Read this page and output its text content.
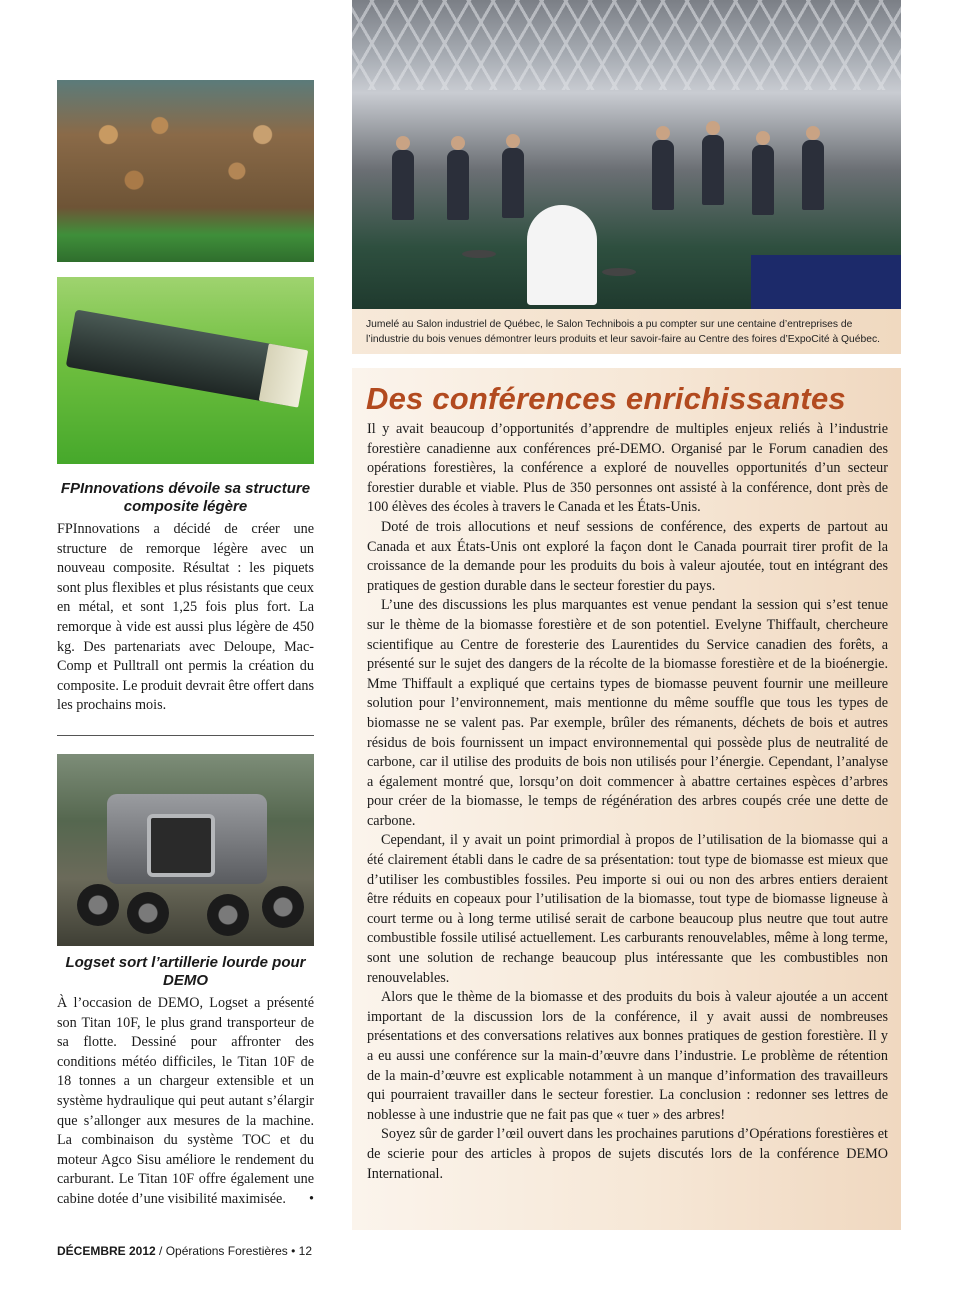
Jumelé au Salon industriel de Québec, le Salon Technibois a pu compter sur une centaine d’entreprises de l’industrie du bois venues démontrer leurs produits et leur savoir-faire au Centre des foires d’ExpoCité à Québec.
Des conférences enrichissantes

Il y avait beaucoup d’opportunités d’apprendre de multiples enjeux reliés à l’industrie forestière canadienne aux conférences pré-DEMO. Organisé par le Forum canadien des opérations forestières, la conférence a exploré de nouvelles opportunités d’un secteur forestier durable et viable. Plus de 350 personnes ont assisté à la conférence, dont près de 100 élèves des écoles à travers le Canada et les États-Unis.

Doté de trois allocutions et neuf sessions de conférence, des experts de partout au Canada et aux États-Unis ont exploré la façon dont le Canada pourrait tirer profit de la croissance de la demande pour les produits du bois à valeur ajoutée, tout en intégrant des pratiques de gestion durable dans le secteur forestier du pays.

L’une des discussions les plus marquantes est venue pendant la session qui s’est tenue sur le thème de la biomasse forestière et de son potentiel. Evelyne Thiffault, chercheure scientifique au Centre de foresterie des Laurentides du Service canadien des forêts, a présenté sur le sujet des dangers de la récolte de la biomasse forestière et de la bioénergie. Mme Thiffault a expliqué que certains types de biomasse peuvent fournir une meilleure solution pour l’environnement, mais mentionne du même souffle que tous les types de biomasse ne se valent pas. Par exemple, brûler des rémanents, déchets de bois et autres résidus de bois fournissent un impact environnemental qui possède plus de neutralité de carbone, car il utilise des produits de bois non utilisés pour l’énergie. Cependant, l’analyse a également montré que, lorsqu’on doit commencer à abattre certaines espèces d’arbres pour créer de la biomasse, le temps de régénération des arbres coupés crée une dette de carbone.

Cependant, il y avait un point primordial à propos de l’utilisation de la biomasse qui a été clairement établi dans le cadre de sa présentation: tout type de biomasse est mieux que d’utiliser les combustibles fossiles. Peu importe si oui ou non des arbres entiers deraient être réduits en copeaux pour l’utilisation de la biomasse, tout type de biomasse ligneuse à court terme ou à long terme utilisé serait de carbone beaucoup plus neutre que tout autre combustible fossile utilisé actuellement. Les carburants renouvelables, même à long terme, sont une solution de rechange beaucoup plus intéressante que les combustibles non renouvelables.

Alors que le thème de la biomasse et des produits du bois à valeur ajoutée a un accent important de la discussion lors de la conférence, il y avait aussi de nombreuses présentations et des conversations relatives aux bonnes pratiques de gestion forestière. Il y a eu aussi une conférence sur la main-d’œuvre dans l’industrie. Le problème de rétention de la main-d’œuvre est explicable notamment à un manque d’information des travailleurs qui pourraient travailler dans le secteur forestier. La conclusion : redonner ses lettres de noblesse à une industrie que ne fait pas que « tuer » des arbres!

Soyez sûr de garder l’œil ouvert dans les prochaines parutions d’Opérations forestières et de scierie pour des articles à propos de sujets discutés lors de la conférence DEMO International.

FPInnovations dévoile sa structure composite légère
FPInnovations a décidé de créer une structure de remorque légère avec un nouveau composite. Résultat : les piquets sont plus flexibles et plus résistants que ceux en métal, et sont 1,25 fois plus fort. La remorque à vide est aussi plus légère de 450 kg. Des partenariats avec Deloupe, Mac-Comp et Pulltrall ont permis la création du composite. Le produit devrait être offert dans les prochains mois.
Logset sort l’artillerie lourde pour DEMO
À l’occasion de DEMO, Logset a présenté son Titan 10F, le plus grand transporteur de sa flotte. Dessiné pour affronter des conditions météo difficiles, le Titan 10F de 18 tonnes a un chargeur extensible et un système hydraulique qui peut autant s’élargir que s’allonger aux mesures de la machine. La combinaison du système TOC et du moteur Agco Sisu améliore le rendement du carburant. Le Titan 10F offre également une cabine dotée d’une visibilité maximisée. •
DÉCEMBRE 2012 / Opérations Forestières • 12
